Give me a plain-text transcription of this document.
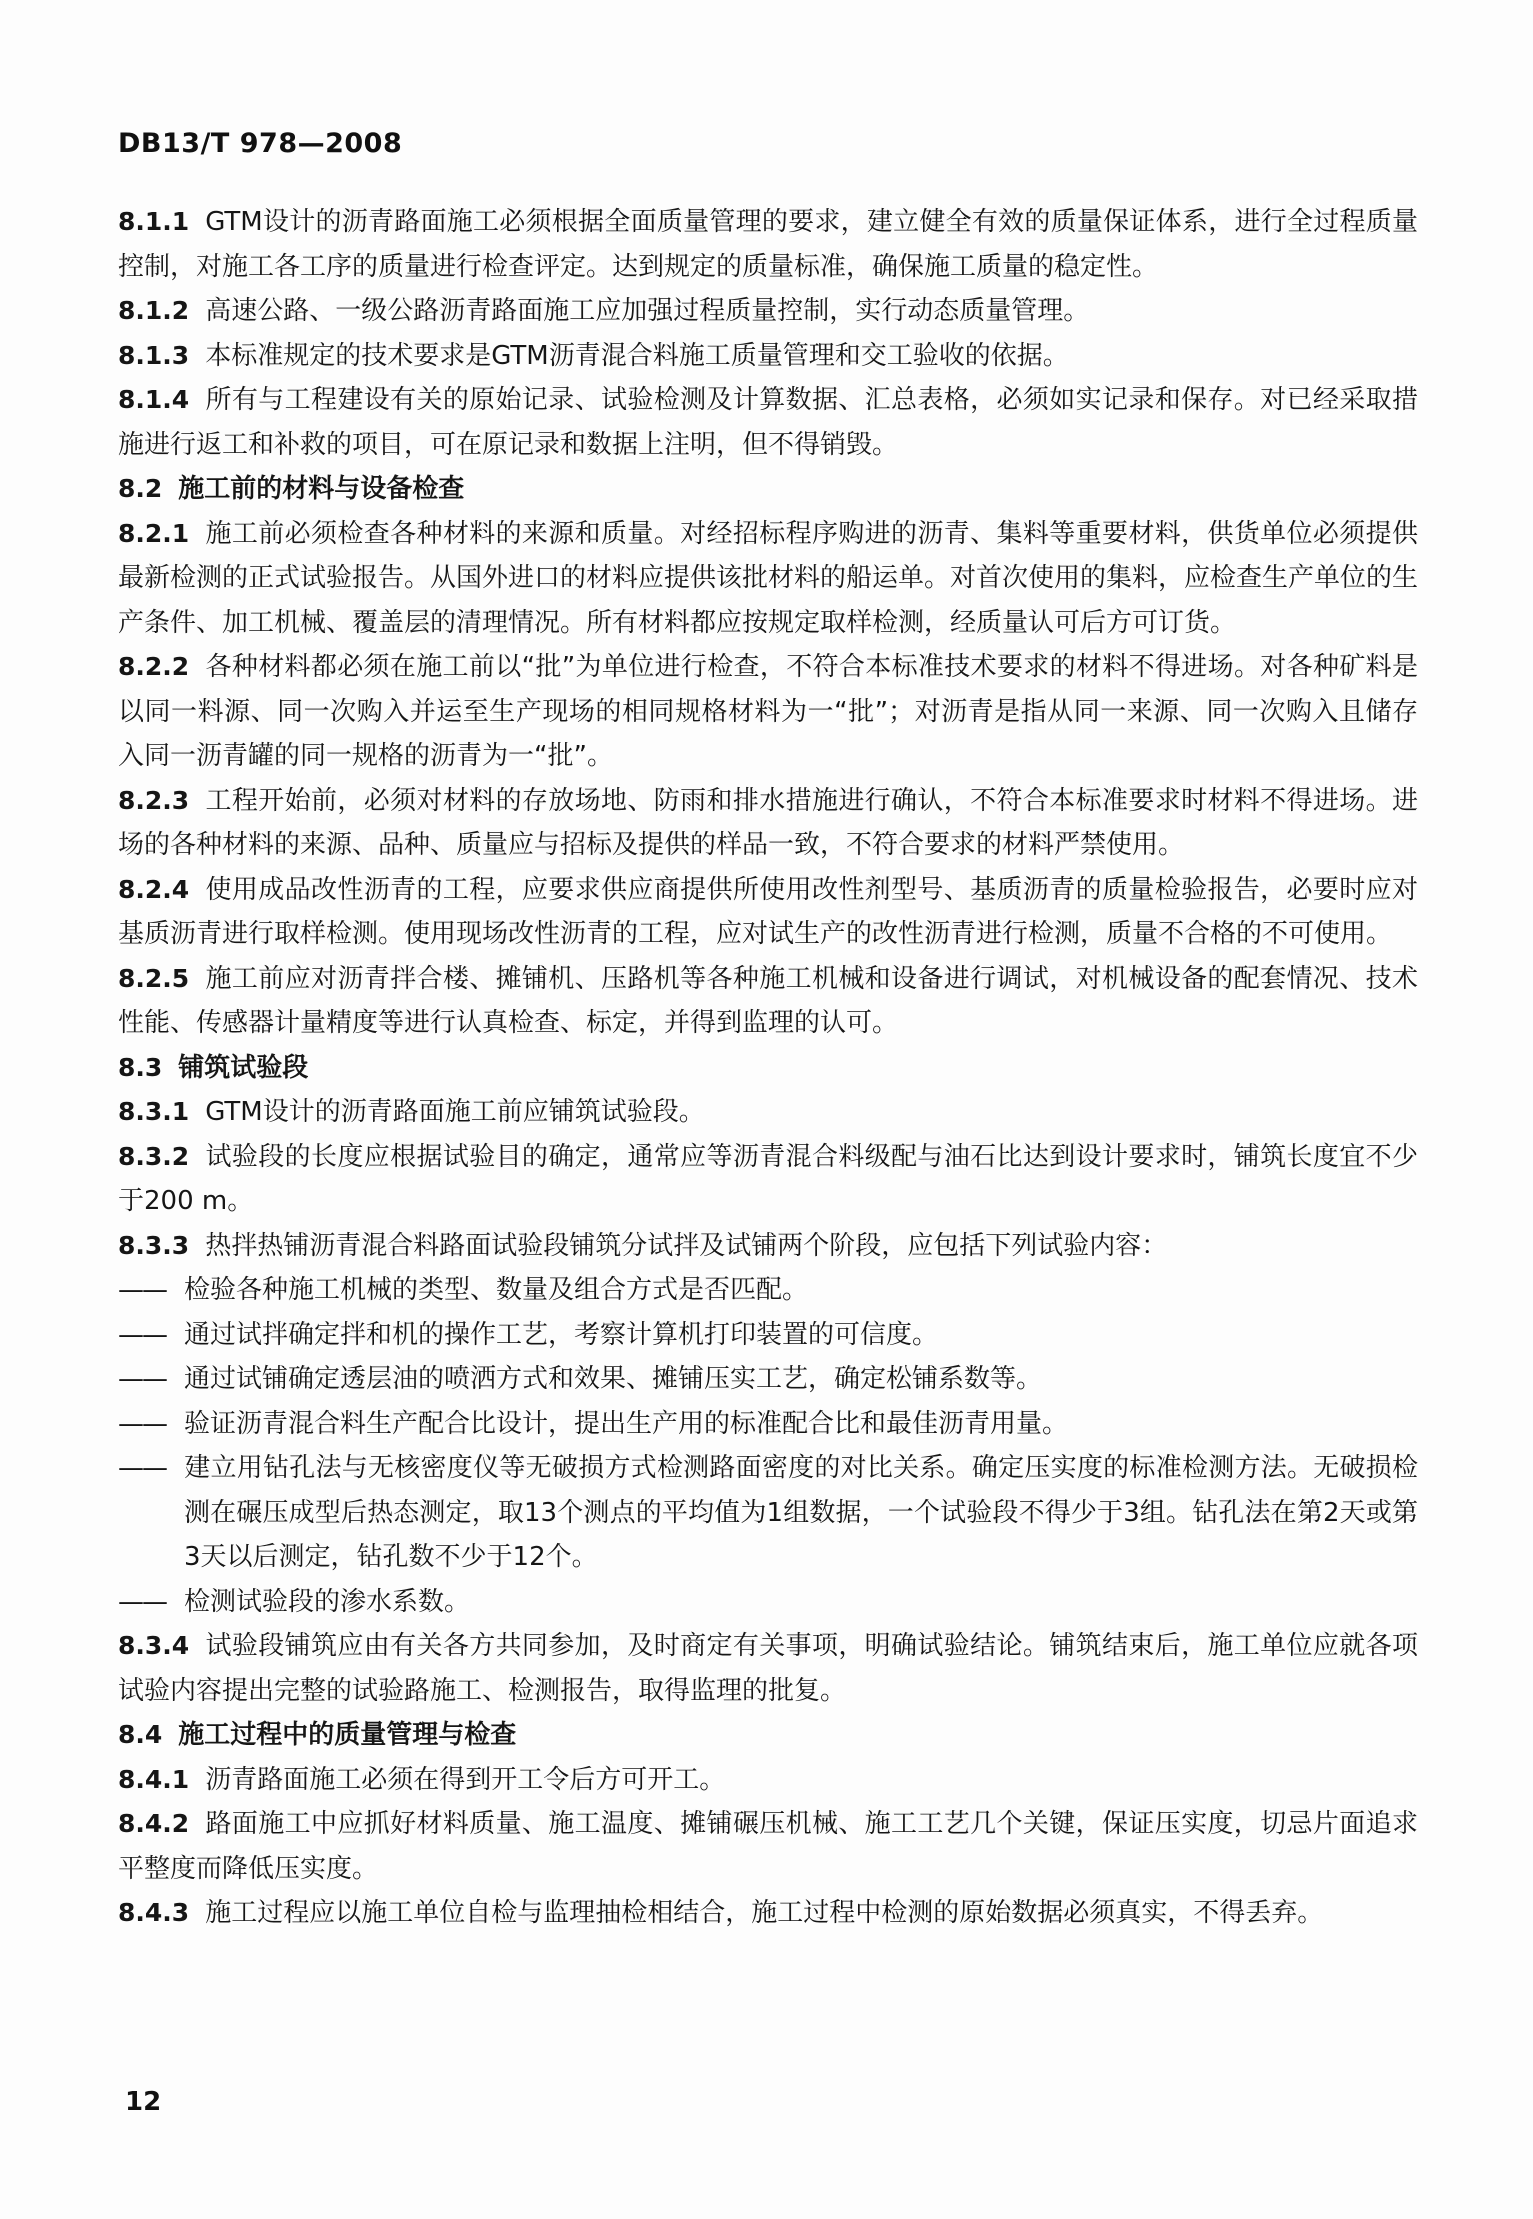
DB13/T 978—2008

8.1.1 GTM设计的沥青路面施工必须根据全面质量管理的要求，建立健全有效的质量保证体系，进行全过程质量控制，对施工各工序的质量进行检查评定。达到规定的质量标准，确保施工质量的稳定性。

8.1.2 高速公路、一级公路沥青路面施工应加强过程质量控制，实行动态质量管理。

8.1.3 本标准规定的技术要求是GTM沥青混合料施工质量管理和交工验收的依据。

8.1.4 所有与工程建设有关的原始记录、试验检测及计算数据、汇总表格，必须如实记录和保存。对已经采取措施进行返工和补救的项目，可在原记录和数据上注明，但不得销毁。

8.2 施工前的材料与设备检查

8.2.1 施工前必须检查各种材料的来源和质量。对经招标程序购进的沥青、集料等重要材料，供货单位必须提供最新检测的正式试验报告。从国外进口的材料应提供该批材料的船运单。对首次使用的集料，应检查生产单位的生产条件、加工机械、覆盖层的清理情况。所有材料都应按规定取样检测，经质量认可后方可订货。

8.2.2 各种材料都必须在施工前以“批”为单位进行检查，不符合本标准技术要求的材料不得进场。对各种矿料是以同一料源、同一次购入并运至生产现场的相同规格材料为一“批”；对沥青是指从同一来源、同一次购入且储存入同一沥青罐的同一规格的沥青为一“批”。

8.2.3 工程开始前，必须对材料的存放场地、防雨和排水措施进行确认，不符合本标准要求时材料不得进场。进场的各种材料的来源、品种、质量应与招标及提供的样品一致，不符合要求的材料严禁使用。

8.2.4 使用成品改性沥青的工程，应要求供应商提供所使用改性剂型号、基质沥青的质量检验报告，必要时应对基质沥青进行取样检测。使用现场改性沥青的工程，应对试生产的改性沥青进行检测，质量不合格的不可使用。

8.2.5 施工前应对沥青拌合楼、摊铺机、压路机等各种施工机械和设备进行调试，对机械设备的配套情况、技术性能、传感器计量精度等进行认真检查、标定，并得到监理的认可。

8.3 铺筑试验段

8.3.1 GTM设计的沥青路面施工前应铺筑试验段。

8.3.2 试验段的长度应根据试验目的确定，通常应等沥青混合料级配与油石比达到设计要求时，铺筑长度宜不少于200 m。

8.3.3 热拌热铺沥青混合料路面试验段铺筑分试拌及试铺两个阶段，应包括下列试验内容：

——检验各种施工机械的类型、数量及组合方式是否匹配。

——通过试拌确定拌和机的操作工艺，考察计算机打印装置的可信度。

——通过试铺确定透层油的喷洒方式和效果、摊铺压实工艺，确定松铺系数等。

——验证沥青混合料生产配合比设计，提出生产用的标准配合比和最佳沥青用量。

——建立用钻孔法与无核密度仪等无破损方式检测路面密度的对比关系。确定压实度的标准检测方法。无破损检测在碾压成型后热态测定，取13个测点的平均值为1组数据，一个试验段不得少于3组。钻孔法在第2天或第3天以后测定，钻孔数不少于12个。

——检测试验段的渗水系数。

8.3.4 试验段铺筑应由有关各方共同参加，及时商定有关事项，明确试验结论。铺筑结束后，施工单位应就各项试验内容提出完整的试验路施工、检测报告，取得监理的批复。

8.4 施工过程中的质量管理与检查

8.4.1 沥青路面施工必须在得到开工令后方可开工。

8.4.2 路面施工中应抓好材料质量、施工温度、摊铺碾压机械、施工工艺几个关键，保证压实度，切忌片面追求平整度而降低压实度。

8.4.3 施工过程应以施工单位自检与监理抽检相结合，施工过程中检测的原始数据必须真实，不得丢弃。

12
